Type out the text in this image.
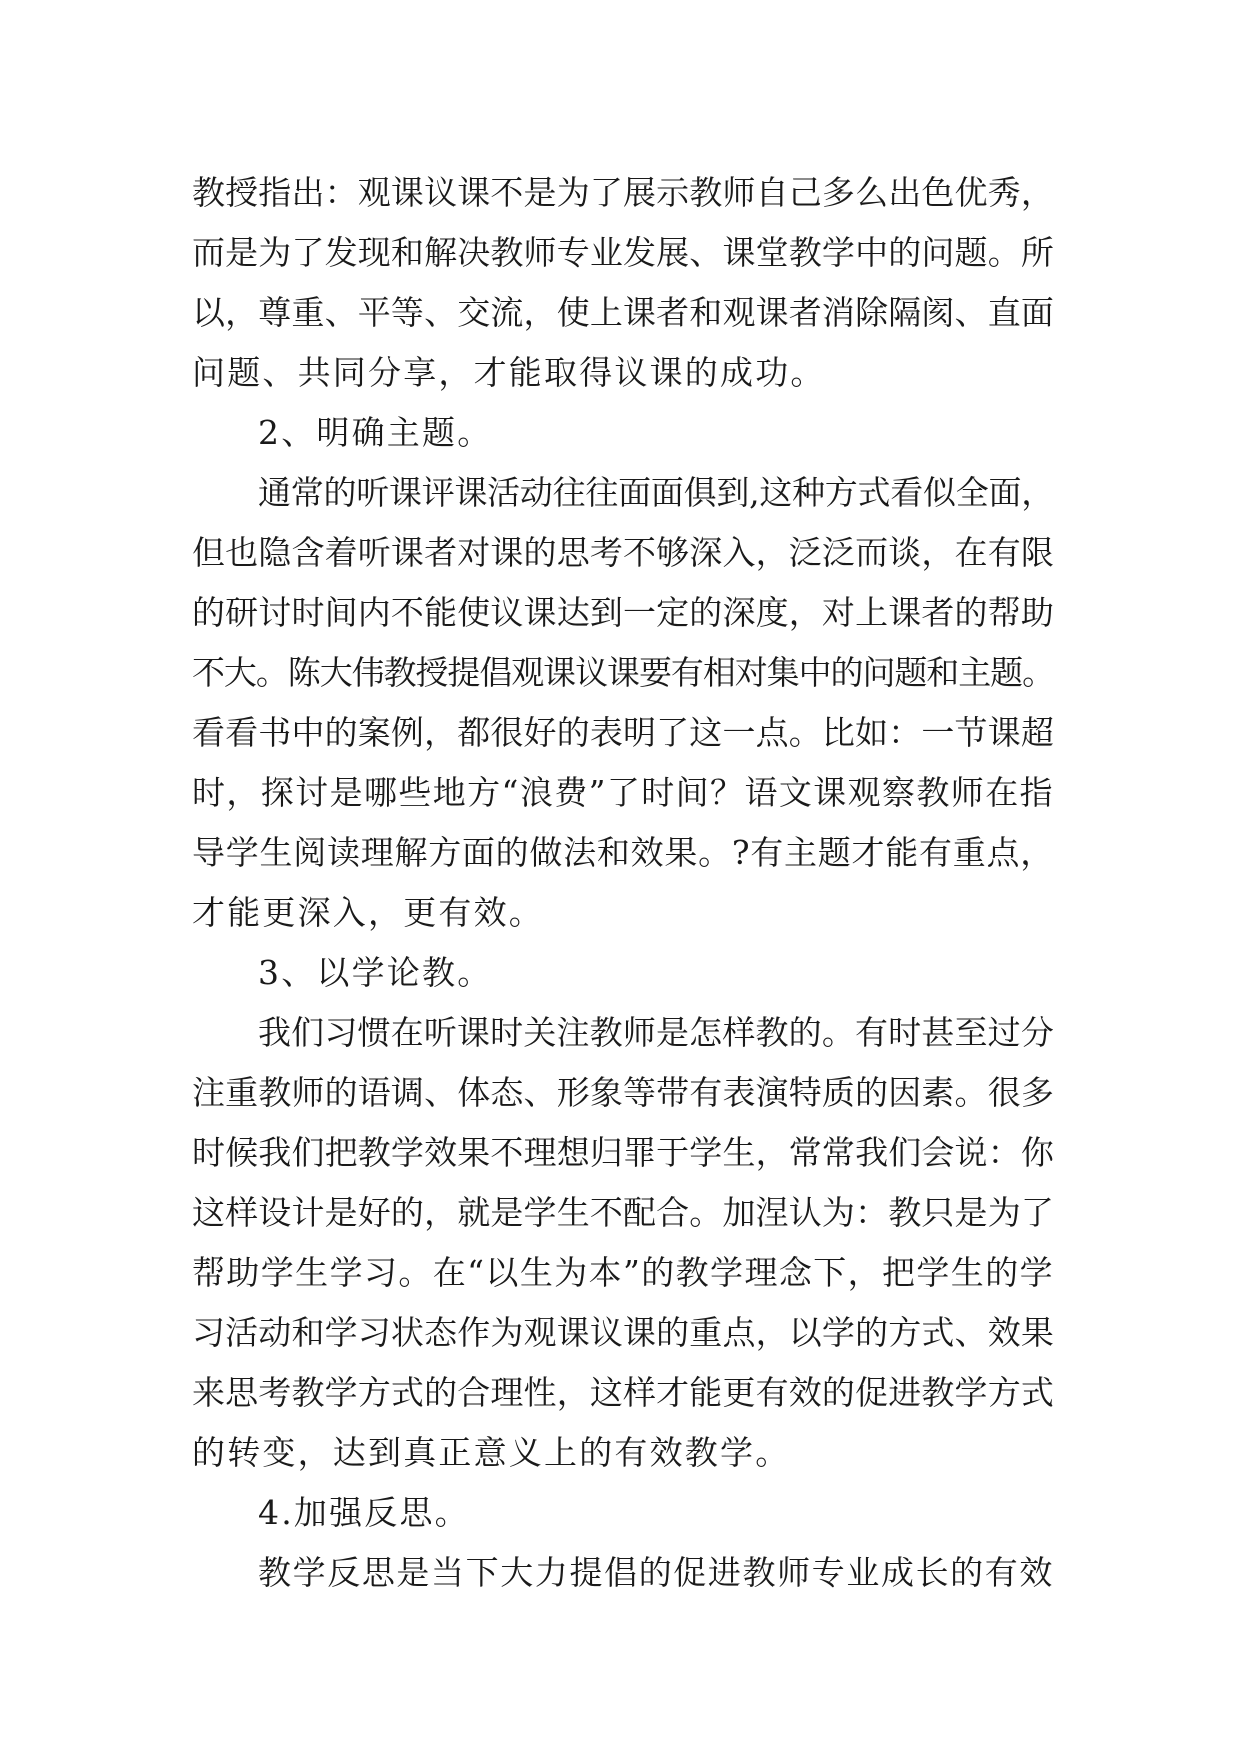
教授指出：观课议课不是为了展示教师自己多么出色优秀，
而是为了发现和解决教师专业发展、课堂教学中的问题。所
以，尊重、平等、交流，使上课者和观课者消除隔阂、直面
问题、共同分享，才能取得议课的成功。
2、明确主题。
通常的听课评课活动往往面面俱到,这种方式看似全面，
但也隐含着听课者对课的思考不够深入，泛泛而谈，在有限
的研讨时间内不能使议课达到一定的深度，对上课者的帮助
不大。陈大伟教授提倡观课议课要有相对集中的问题和主题。
看看书中的案例，都很好的表明了这一点。比如：一节课超
时，探讨是哪些地方“浪费”了时间？语文课观察教师在指
导学生阅读理解方面的做法和效果。?有主题才能有重点，
才能更深入，更有效。
3、以学论教。
我们习惯在听课时关注教师是怎样教的。有时甚至过分
注重教师的语调、体态、形象等带有表演特质的因素。很多
时候我们把教学效果不理想归罪于学生，常常我们会说：你
这样设计是好的，就是学生不配合。加涅认为：教只是为了
帮助学生学习。在“以生为本”的教学理念下，把学生的学
习活动和学习状态作为观课议课的重点，以学的方式、效果
来思考教学方式的合理性，这样才能更有效的促进教学方式
的转变，达到真正意义上的有效教学。
4.加强反思。
教学反思是当下大力提倡的促进教师专业成长的有效
